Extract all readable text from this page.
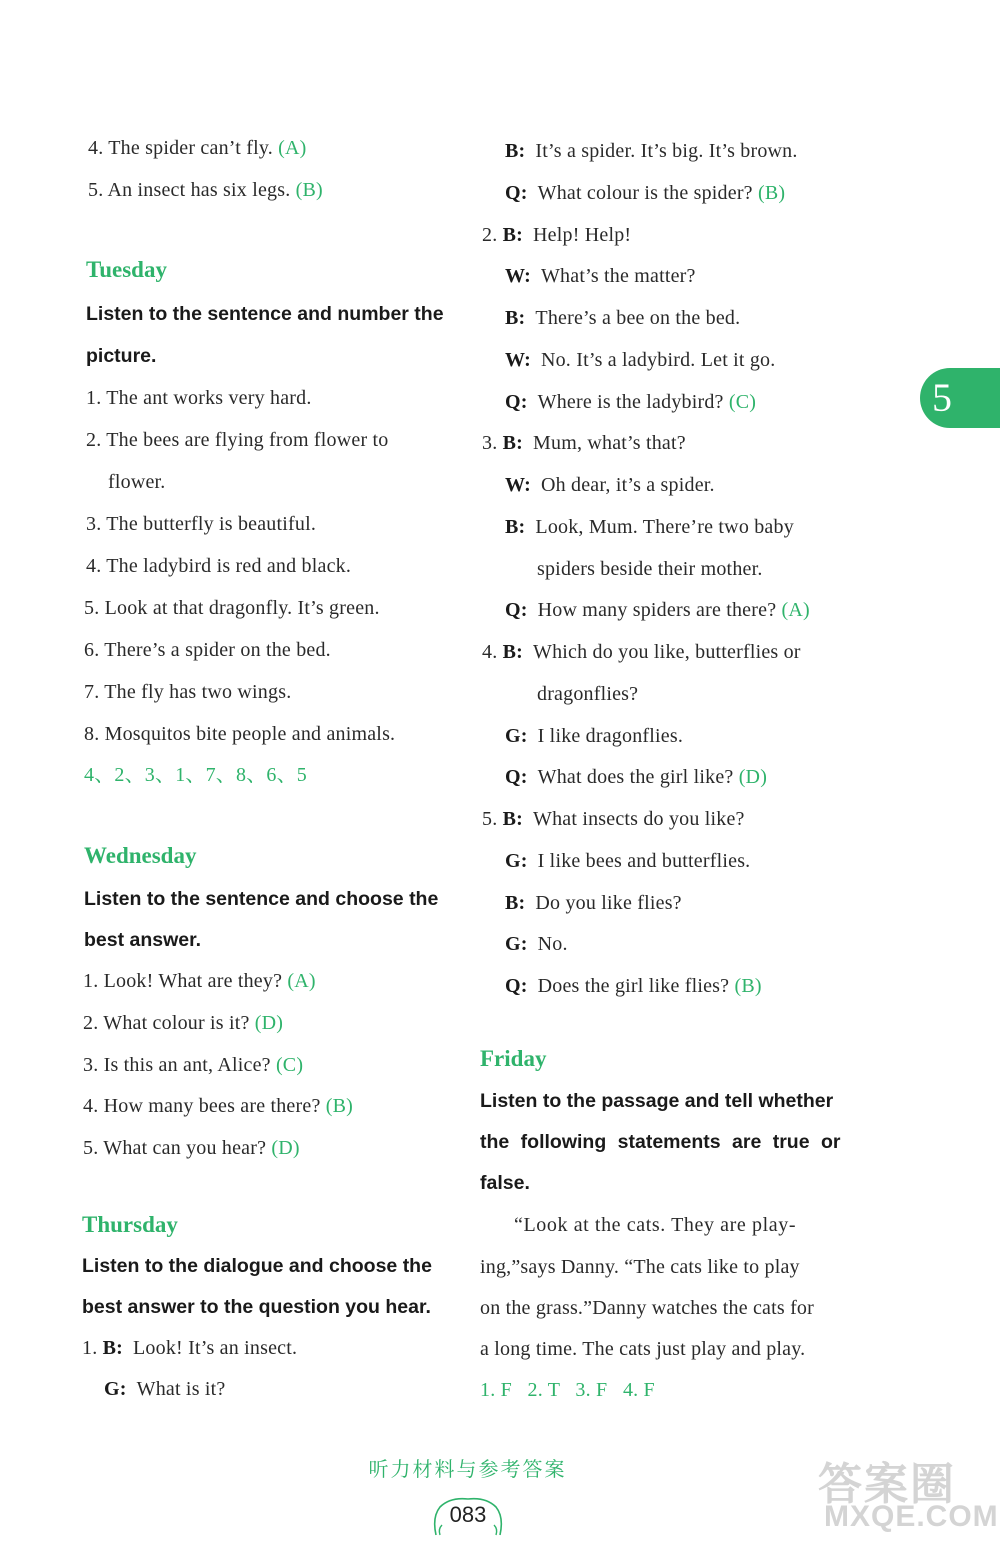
4. The spider can’t fly. (A)
5. An insect has six legs. (B)
Tuesday
Listen to the sentence and number the
picture.
1. The ant works very hard.
2. The bees are flying from flower to
flower.
3. The butterfly is beautiful.
4. The ladybird is red and black.
5. Look at that dragonfly. It’s green.
6. There’s a spider on the bed.
7. The fly has two wings.
8. Mosquitos bite people and animals.
4、2、3、1、7、8、6、5
Wednesday
Listen to the sentence and choose the
best answer.
1. Look! What are they? (A)
2. What colour is it? (D)
3. Is this an ant, Alice? (C)
4. How many bees are there? (B)
5. What can you hear? (D)
Thursday
Listen to the dialogue and choose the
best answer to the question you hear.
1. B: Look! It’s an insect.
G: What is it?
B: It’s a spider. It’s big. It’s brown.
Q: What colour is the spider? (B)
2. B: Help! Help!
W: What’s the matter?
B: There’s a bee on the bed.
W: No. It’s a ladybird. Let it go.
Q: Where is the ladybird? (C)
3. B: Mum, what’s that?
W: Oh dear, it’s a spider.
B: Look, Mum. There’re two baby
spiders beside their mother.
Q: How many spiders are there? (A)
4. B: Which do you like, butterflies or
dragonflies?
G: I like dragonflies.
Q: What does the girl like? (D)
5. B: What insects do you like?
G: I like bees and butterflies.
B: Do you like flies?
G: No.
Q: Does the girl like flies? (B)
Friday
Listen to the passage and tell whether
the following statements are true or
false.
“Look at the cats. They are play-
ing,”says Danny. “The cats like to play
on the grass.”Danny watches the cats for
a long time. The cats just play and play.
1. F   2. T   3. F   4. F
5
听力材料与参考答案
083
答案圈
MXQE.COM
